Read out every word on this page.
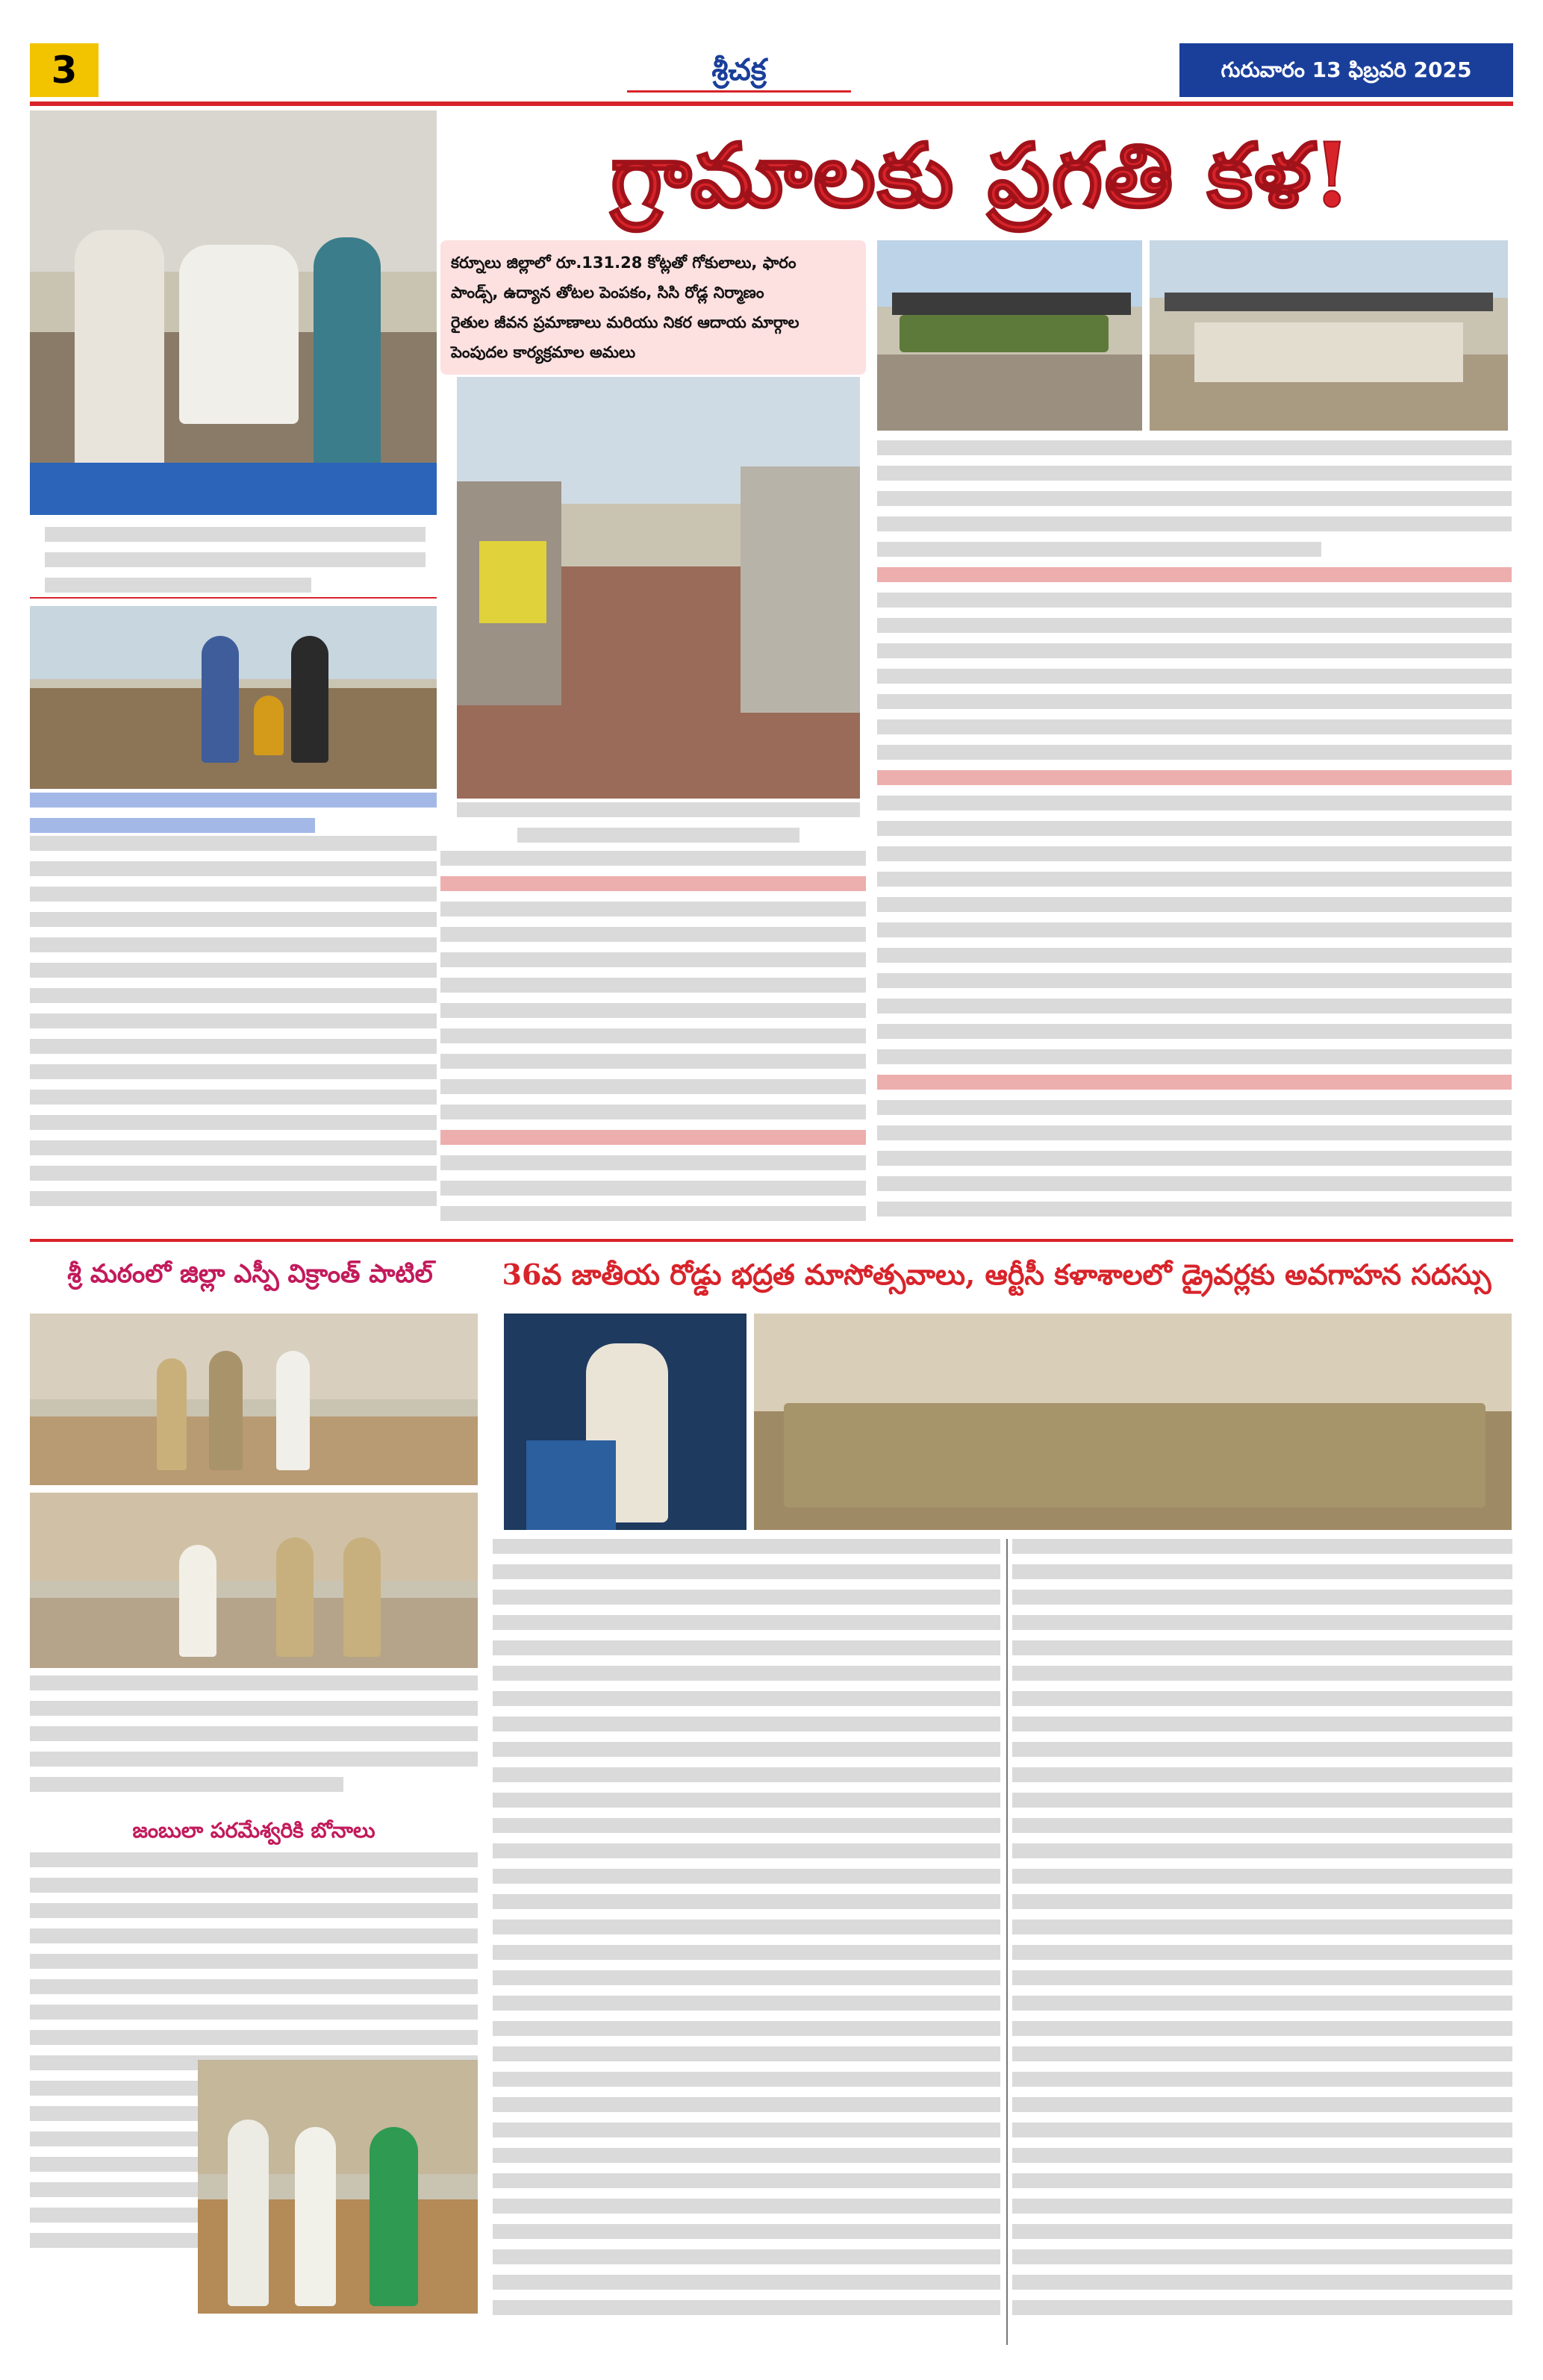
3	శ్రీచక్ర	గురువారం 13 ఫిబ్రవరి 2025
గ్రామాలకు ప్రగతి కళ!
కర్నూలు జిల్లాలో రూ.131.28 కోట్లతో గోకులాలు, ఫారం
పాండ్స్, ఉద్యాన తోటల పెంపకం, సిసి రోడ్ల నిర్మాణం
రైతుల జీవన ప్రమాణాలు మరియు నికర ఆదాయ మార్గాల
పెంపుదల కార్యక్రమాల అమలు
శ్రీ మఠంలో జిల్లా ఎస్పీ విక్రాంత్ పాటిల్	36వ జాతీయ రోడ్డు భద్రత మాసోత్సవాలు, ఆర్టీసీ కళాశాలలో డ్రైవర్లకు అవగాహన సదస్సు
జంబులా పరమేశ్వరికి బోనాలు
